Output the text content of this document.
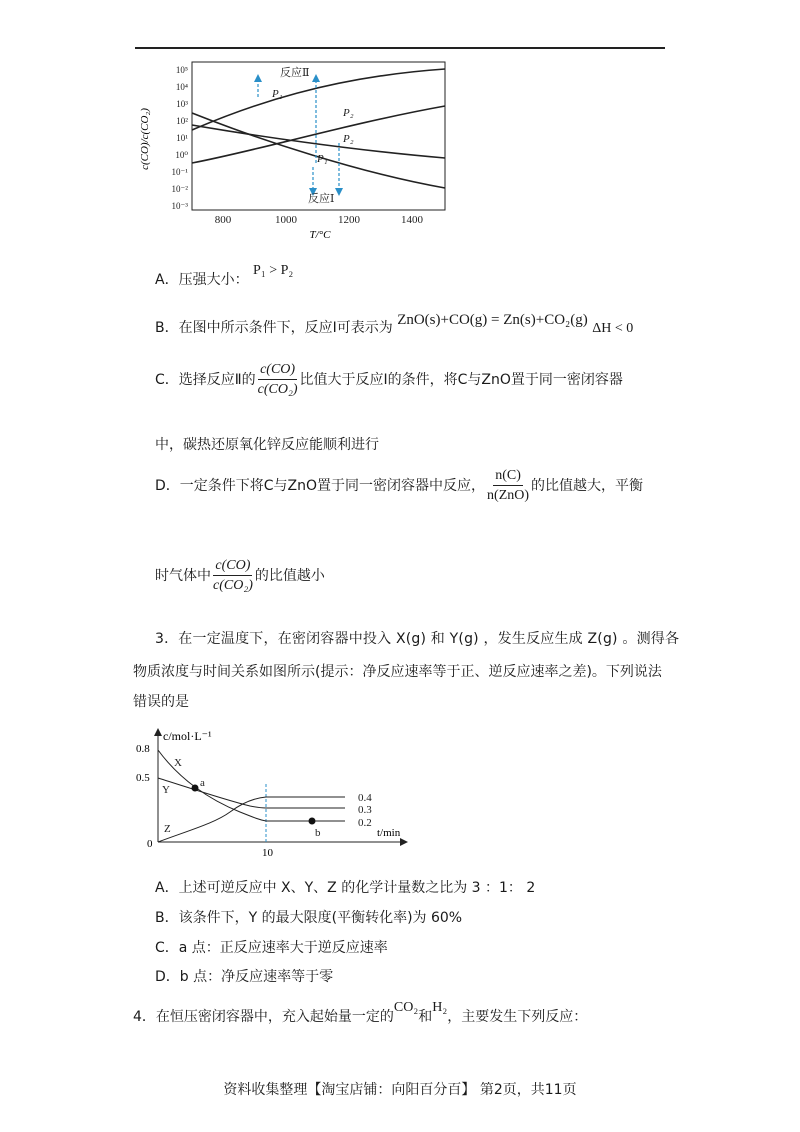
10⁵
10⁴
10³
10²
10¹
10⁰
10⁻¹
10⁻²
10⁻³
c(CO)/c(CO₂)
800	1000	1200	1400
T/°C
反应Ⅱ
P₁
P₂
P₂
P₁
反应Ⅰ
A．压强大小： P₁ > P₂
B．在图中所示条件下，反应Ⅰ可表示为 ZnO(s)+CO(g) = Zn(s)+CO₂(g) ΔH < 0
C．选择反应Ⅱ的 $\frac{c(CO)}{\text{c(CO₂)}}$ 比值大于反应Ⅰ的条件，将C与ZnO置于同一密闭容器
中，碳热还原氧化锌反应能顺利进行
D．一定条件下将C与ZnO置于同一密闭容器中反应， $\frac{n(C)}{\text{n(ZnO)}}$ 的比值越大，平衡
时气体中 $\frac{c(CO)}{\text{c(CO₂)}}$ 的比值越小
3．在一定温度下，在密闭容器中投入 X(g) 和 Y(g) ，发生反应生成 Z(g) 。测得各
物质浓度与时间关系如图所示(提示：净反应速率等于正、逆反应速率之差)。下列说法
错误的是
c/mol·L⁻¹
0.8
0.5
0
10
t/min
X
Y
Z
a
b
0.4
0.3
0.2
A．上述可逆反应中 X、Y、Z 的化学计量数之比为 3 ：1： 2
B．该条件下，Y 的最大限度(平衡转化率)为 60%
C．a 点：正反应速率大于逆反应速率
D．b 点：净反应速率等于零
4．在恒压密闭容器中，充入起始量一定的CO₂和H₂，主要发生下列反应：
资料收集整理【淘宝店铺：向阳百分百】 第2页，共11页
